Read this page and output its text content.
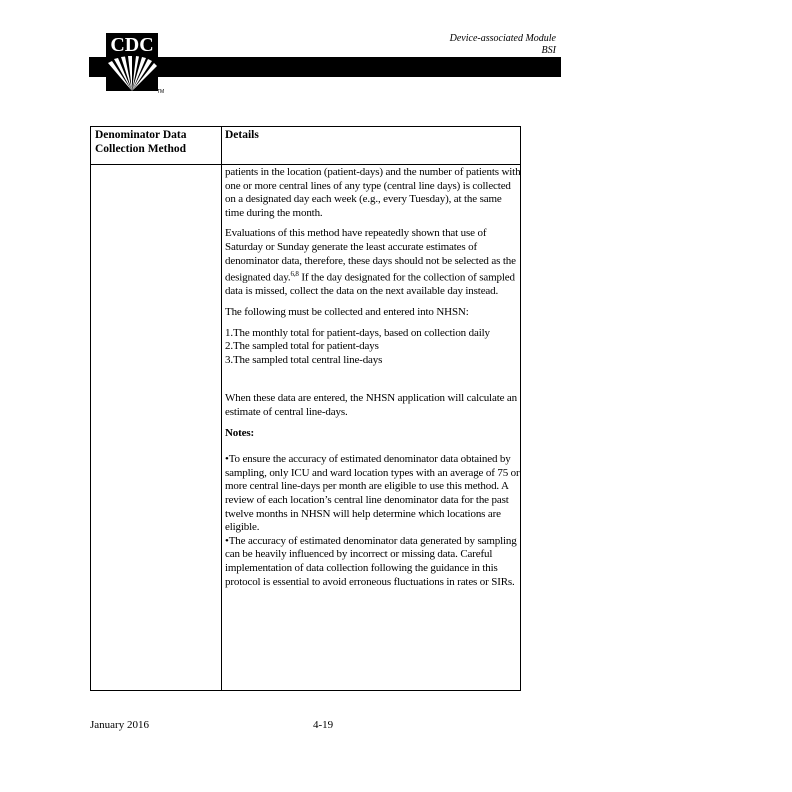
CDC
TM
Device-associated Module
BSI
Denominator Data Collection Method
Details

patients in the location (patient-days) and the number of patients with one or more central lines of any type (central line days) is collected on a designated day each week (e.g., every Tuesday), at the same time during the month.

Evaluations of this method have repeatedly shown that use of Saturday or Sunday generate the least accurate estimates of denominator data, therefore, these days should not be selected as the designated day.$^{6,8}$ If the day designated for the collection of sampled data is missed, collect the data on the next available day instead.

The following must be collected and entered into NHSN:

1.The monthly total for patient-days, based on collection daily
2.The sampled total for patient-days
3.The sampled total central line-days

When these data are entered, the NHSN application will calculate an estimate of central line-days.

Notes:
•To ensure the accuracy of estimated denominator data obtained by sampling, only ICU and ward location types with an average of 75 or more central line-days per month are eligible to use this method. A review of each location’s central line denominator data for the past twelve months in NHSN will help determine which locations are eligible.
•The accuracy of estimated denominator data generated by sampling can be heavily influenced by incorrect or missing data. Careful implementation of data collection following the guidance in this protocol is essential to avoid erroneous fluctuations in rates or SIRs.
January 2016	4-19
